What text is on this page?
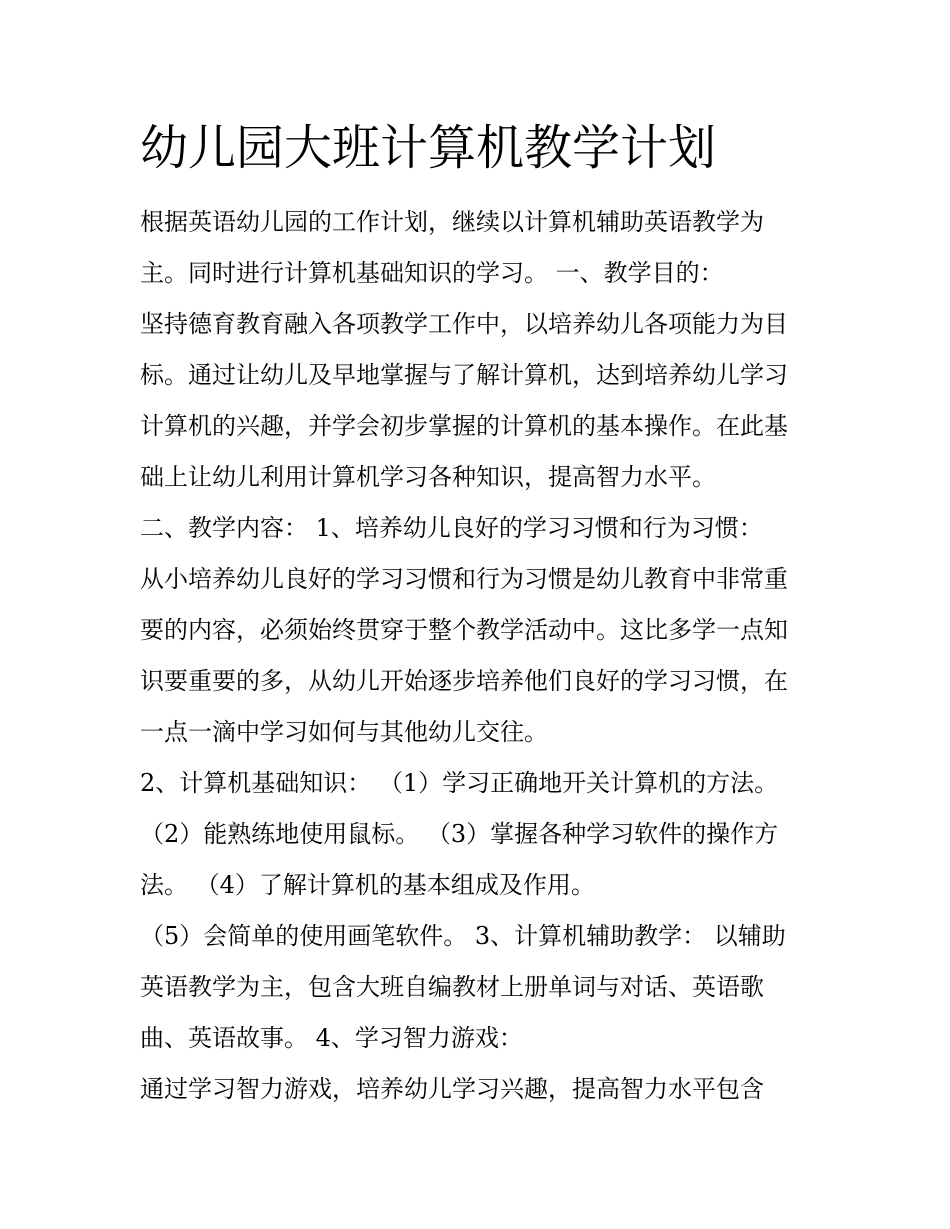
幼儿园大班计算机教学计划
根据英语幼儿园的工作计划，继续以计算机辅助英语教学为
主。同时进行计算机基础知识的学习。 一、教学目的：
坚持德育教育融入各项教学工作中，以培养幼儿各项能力为目
标。通过让幼儿及早地掌握与了解计算机，达到培养幼儿学习
计算机的兴趣，并学会初步掌握的计算机的基本操作。在此基
础上让幼儿利用计算机学习各种知识，提高智力水平。
二、教学内容： 1、培养幼儿良好的学习习惯和行为习惯：
从小培养幼儿良好的学习习惯和行为习惯是幼儿教育中非常重
要的内容，必须始终贯穿于整个教学活动中。这比多学一点知
识要重要的多，从幼儿开始逐步培养他们良好的学习习惯，在
一点一滴中学习如何与其他幼儿交往。
2、计算机基础知识： （1）学习正确地开关计算机的方法。
（2）能熟练地使用鼠标。 （3）掌握各种学习软件的操作方
法。 （4）了解计算机的基本组成及作用。
（5）会简单的使用画笔软件。 3、计算机辅助教学： 以辅助
英语教学为主，包含大班自编教材上册单词与对话、英语歌
曲、英语故事。 4、学习智力游戏：
通过学习智力游戏，培养幼儿学习兴趣，提高智力水平包含
